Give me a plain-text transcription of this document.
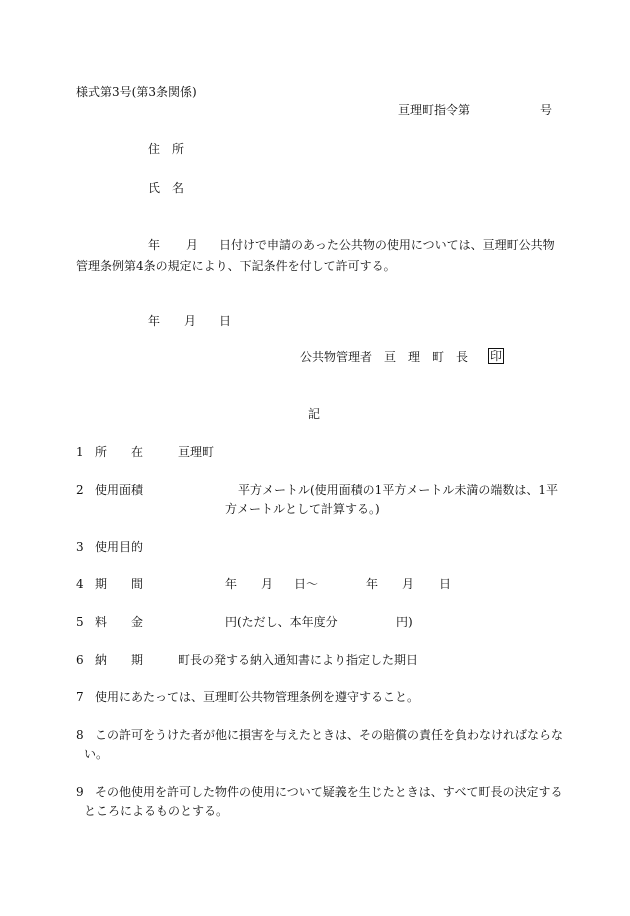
様式第3号(第3条関係)
亘理町指令第	号
住　所
氏　名
年 月 日付けで申請のあった公共物の使用については、亘理町公共物
管理条例第4条の規定により、下記条件を付して許可する。
年 月 日
公共物管理者　亘　理　町　長 印
記
1 所　　在	亘理町
2 使用面積	平方メートル(使用面積の1平方メートル未満の端数は、1平
方メートルとして計算する。)
3 使用目的
4 期　　間	年 月 日〜	年 月 日
5 料　　金	円(ただし、本年度分	円)
6 納　　期	町長の発する納入通知書により指定した期日
7 使用にあたっては、亘理町公共物管理条例を遵守すること。
8 この許可をうけた者が他に損害を与えたときは、その賠償の責任を負わなければならな
い。
9 その他使用を許可した物件の使用について疑義を生じたときは、すべて町長の決定する
ところによるものとする。
